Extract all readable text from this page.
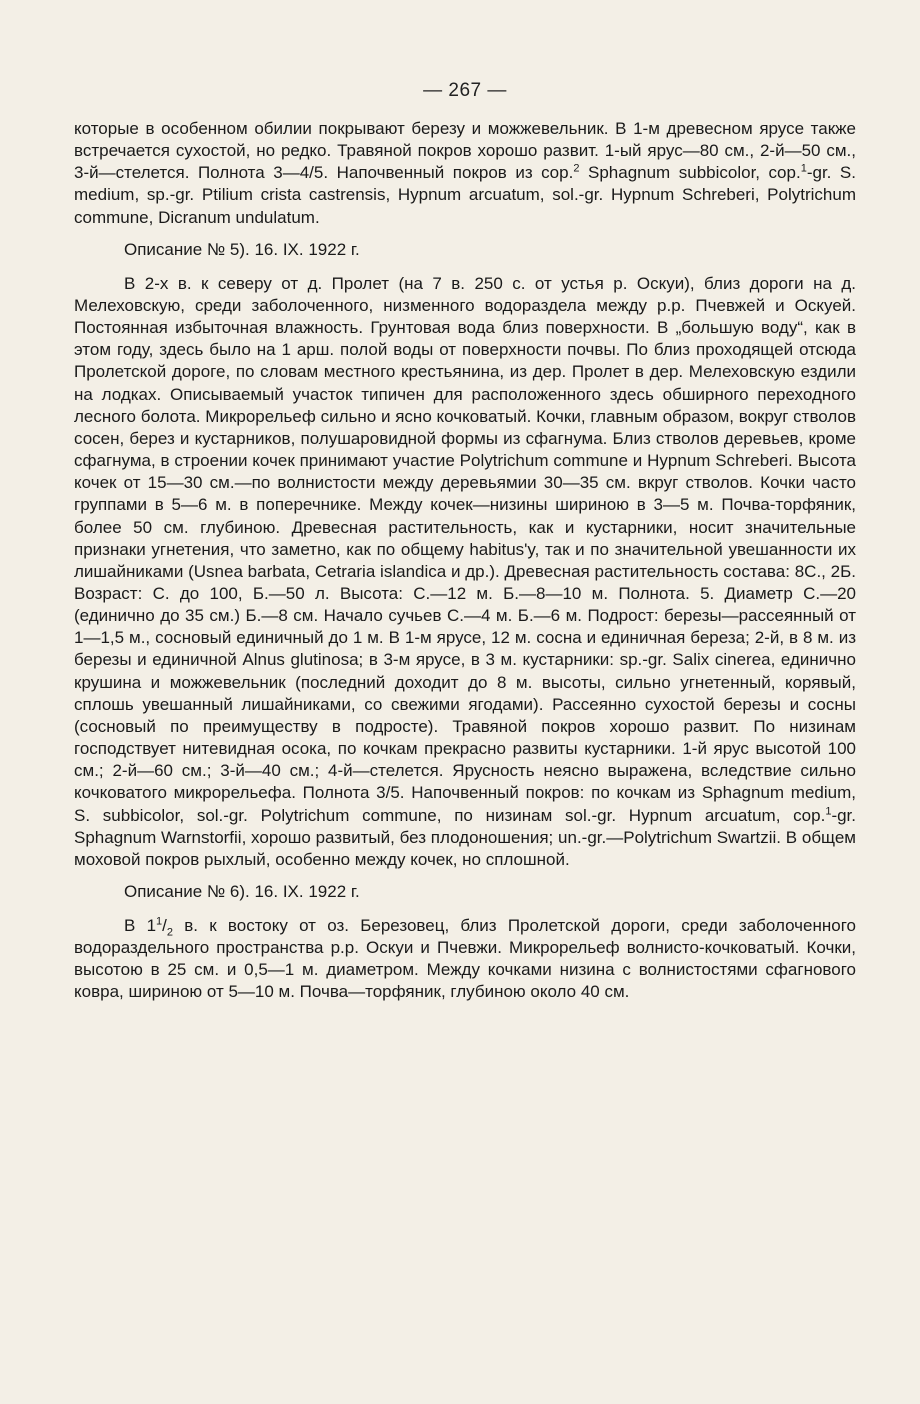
— 267 —

которые в особенном обилии покрывают березу и можжевельник. В 1-м древесном ярусе также встречается сухостой, но редко. Травяной покров хорошо развит. 1-ый ярус—80 см., 2-й—50 см., 3-й—стелется. Полнота 3—4/5. Напочвенный покров из cop.$^2$ Sphagnum subbicolor, cop.$^1$-gr. S. medium, sp.-gr. Ptilium crista castrensis, Hypnum arcuatum, sol.-gr. Hypnum Schreberi, Polytrichum commune, Dicranum undulatum.

Описание № 5). 16. IX. 1922 г.

В 2-х в. к северу от д. Пролет (на 7 в. 250 с. от устья р. Оскуи), близ дороги на д. Мелеховскую, среди заболоченного, низменного водораздела между р.р. Пчевжей и Оскуей. Постоянная избыточная влажность. Грунтовая вода близ поверхности. В „большую воду“, как в этом году, здесь было на 1 арш. полой воды от поверхности почвы. По близ проходящей отсюда Пролетской дороге, по словам местного крестьянина, из дер. Пролет в дер. Мелеховскую ездили на лодках. Описываемый участок типичен для расположенного здесь обширного переходного лесного болота. Микрорельеф сильно и ясно кочковатый. Кочки, главным образом, вокруг стволов сосен, берез и кустарников, полушаровидной формы из сфагнума. Близ стволов деревьев, кроме сфагнума, в строении кочек принимают участие Polytrichum commune и Hypnum Schreberi. Высота кочек от 15—30 см.—по волнистости между деревьямии 30—35 см. вкруг стволов. Кочки часто группами в 5—6 м. в поперечнике. Между кочек—низины шириною в 3—5 м. Почва-торфяник, более 50 см. глубиною. Древесная растительность, как и кустарники, носит значительные признаки угнетения, что заметно, как по общему habitus'y, так и по значительной увешанности их лишайниками (Usnea barbata, Cetraria islandica и др.). Древесная растительность состава: 8С., 2Б. Возраст: С. до 100, Б.—50 л. Высота: С.—12 м. Б.—8—10 м. Полнота. 5. Диаметр С.—20 (единично до 35 см.) Б.—8 см. Начало сучьев С.—4 м. Б.—6 м. Подрост: березы—рассеянный от 1—1,5 м., сосновый единичный до 1 м. В 1-м ярусе, 12 м. сосна и единичная береза; 2-й, в 8 м. из березы и единичной Alnus glutinosa; в 3-м ярусе, в 3 м. кустарники: sp.-gr. Salix cinerea, единично крушина и можжевельник (последний доходит до 8 м. высоты, сильно угнетенный, корявый, сплошь увешанный лишайниками, со свежими ягодами). Рассеянно сухостой березы и сосны (сосновый по преимуществу в подросте). Травяной покров хорошо развит. По низинам господствует нитевидная осока, по кочкам прекрасно развиты кустарники. 1-й ярус высотой 100 см.; 2-й—60 см.; 3-й—40 см.; 4-й—стелется. Ярусность неясно выражена, вследствие сильно кочковатого микрорельефа. Полнота 3/5. Напочвенный покров: по кочкам из Sphagnum medium, S. subbicolor, sol.-gr. Polytrichum commune, по низинам sol.-gr. Hypnum arcuatum, cop.$^1$-gr. Sphagnum Warnstorfii, хорошо развитый, без плодоношения; un.-gr.—Polytrichum Swartzii. В общем моховой покров рыхлый, особенно между кочек, но сплошной.

Описание № 6). 16. IX. 1922 г.

В $1^1/_2$ в. к востоку от оз. Березовец, близ Пролетской дороги, среди заболоченного водораздельного пространства р.р. Оскуи и Пчевжи. Микрорельеф волнисто-кочковатый. Кочки, высотою в 25 см. и 0,5—1 м. диаметром. Между кочками низина с волнистостями сфагнового ковра, шириною от 5—10 м. Почва—торфяник, глубиною около 40 см.
